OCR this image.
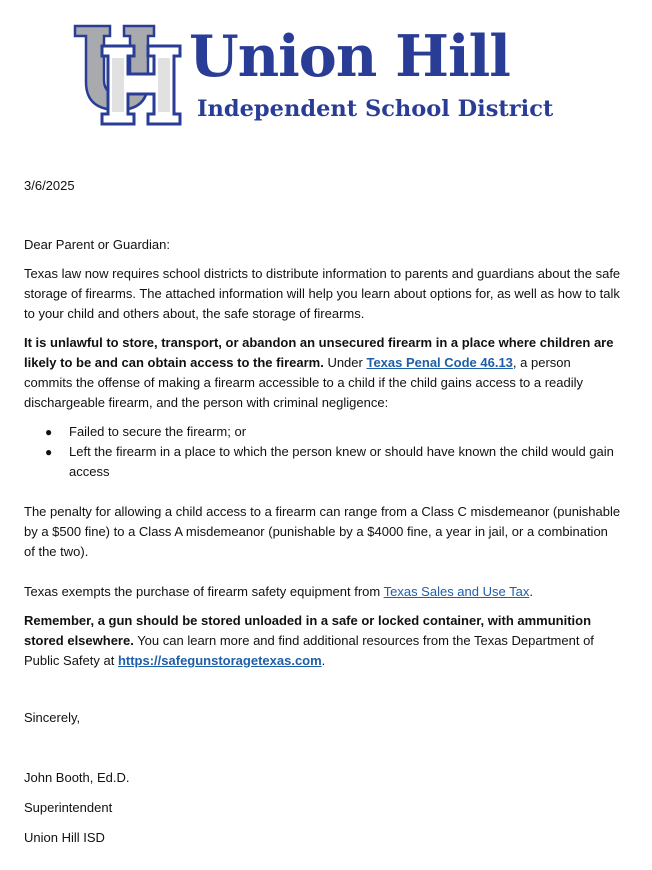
Union Hill
Independent School District

3/6/2025

Dear Parent or Guardian:

Texas law now requires school districts to distribute information to parents and guardians about the safe storage of firearms. The attached information will help you learn about options for, as well as how to talk to your child and others about, the safe storage of firearms.

It is unlawful to store, transport, or abandon an unsecured firearm in a place where children are likely to be and can obtain access to the firearm. Under Texas Penal Code 46.13, a person commits the offense of making a firearm accessible to a child if the child gains access to a readily dischargeable firearm, and the person with criminal negligence:

● Failed to secure the firearm; or
● Left the firearm in a place to which the person knew or should have known the child would gain access

The penalty for allowing a child access to a firearm can range from a Class C misdemeanor (punishable by a $500 fine) to a Class A misdemeanor (punishable by a $4000 fine, a year in jail, or a combination of the two).

Texas exempts the purchase of firearm safety equipment from Texas Sales and Use Tax.

Remember, a gun should be stored unloaded in a safe or locked container, with ammunition stored elsewhere. You can learn more and find additional resources from the Texas Department of Public Safety at https://safegunstoragetexas.com.

Sincerely,

John Booth, Ed.D.

Superintendent

Union Hill ISD
